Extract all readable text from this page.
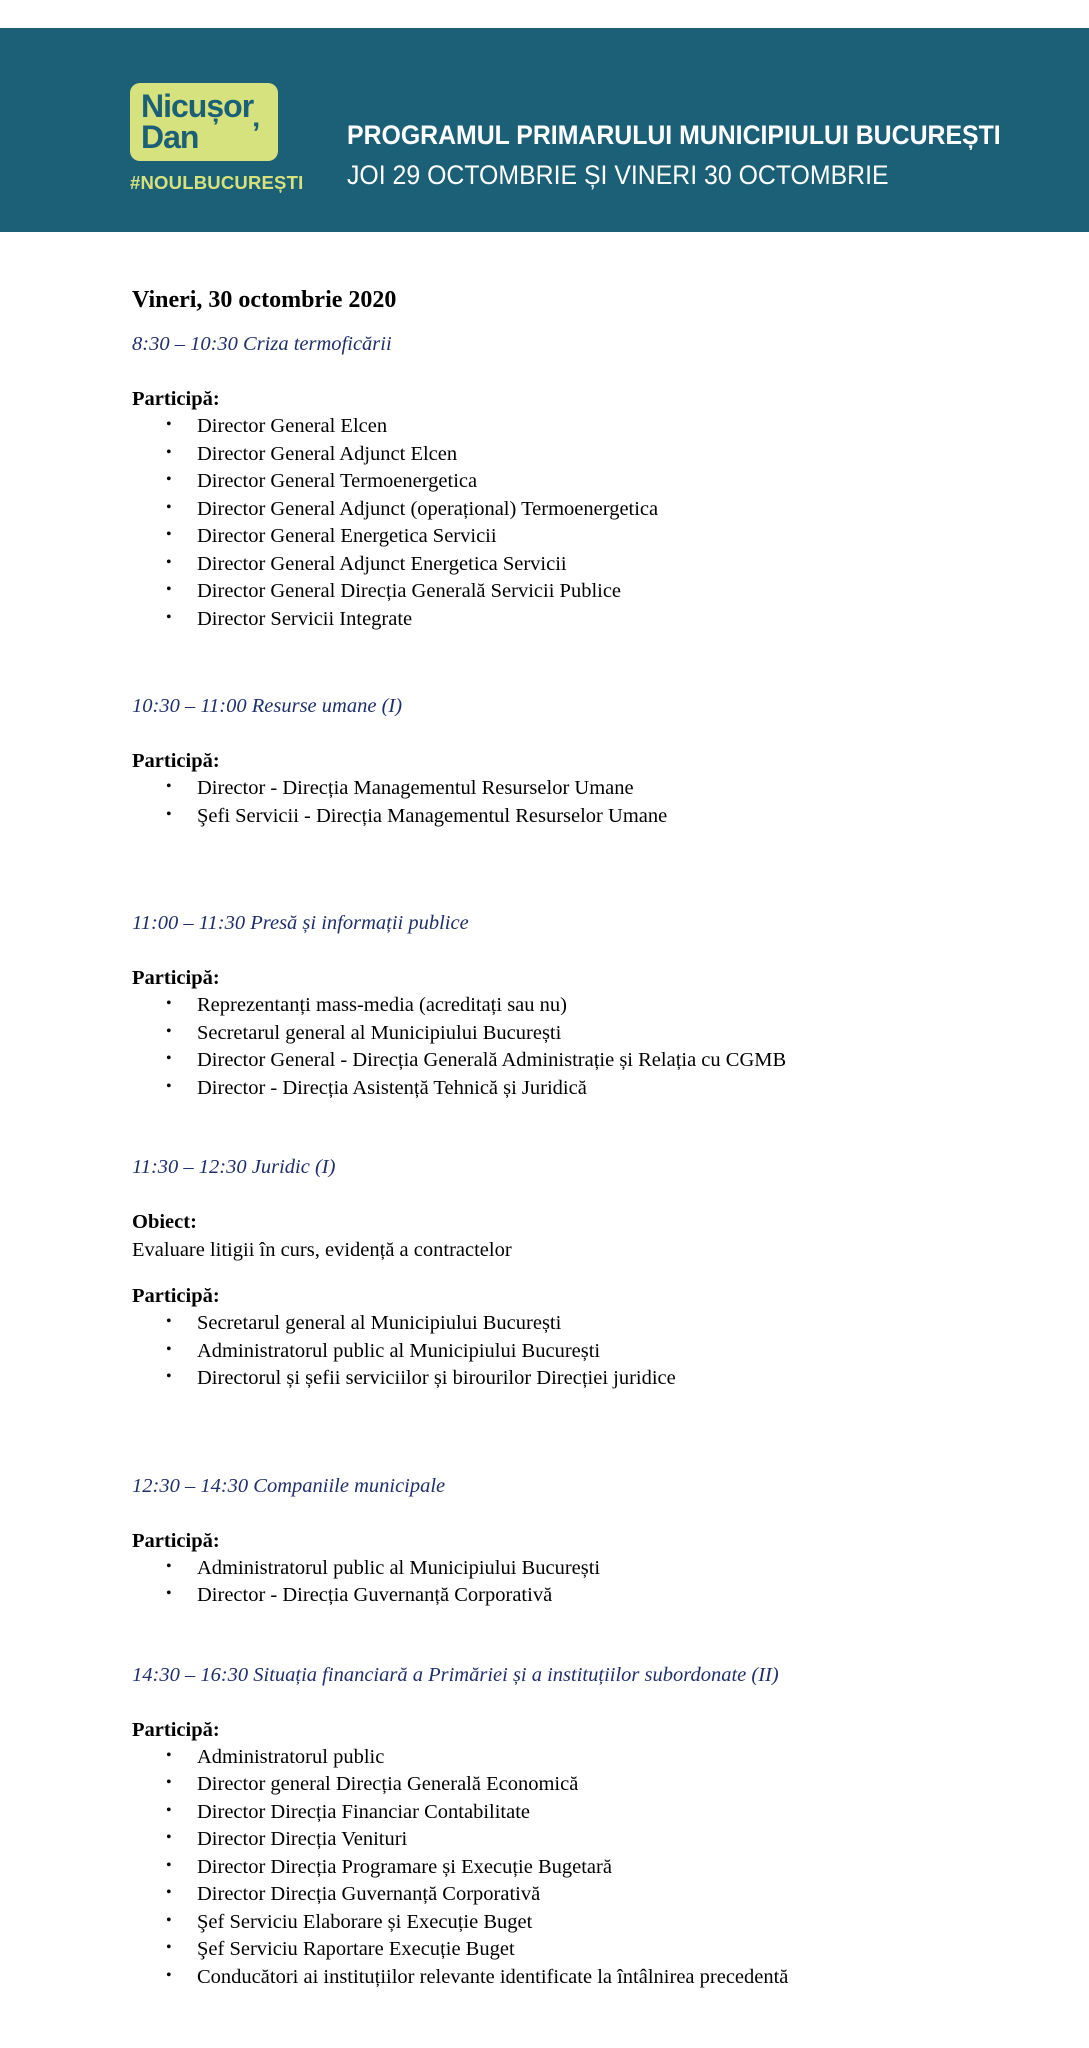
Nicușor
Dan ’
#NOULBUCUREȘTI
PROGRAMUL PRIMARULUI MUNICIPIULUI BUCUREȘTI
JOI 29 OCTOMBRIE ȘI VINERI 30 OCTOMBRIE
Vineri, 30 octombrie 2020

8:30 – 10:30 Criza termoficării

Participă:

• Director General Elcen
• Director General Adjunct Elcen
• Director General Termoenergetica
• Director General Adjunct (operațional) Termoenergetica
• Director General Energetica Servicii
• Director General Adjunct Energetica Servicii
• Director General Direcția Generală Servicii Publice
• Director Servicii Integrate

10:30 – 11:00 Resurse umane (I)

Participă:

• Director - Direcția Managementul Resurselor Umane
• Şefi Servicii - Direcția Managementul Resurselor Umane

11:00 – 11:30 Presă și informații publice

Participă:

• Reprezentanți mass-media (acreditați sau nu)
• Secretarul general al Municipiului București
• Director General - Direcția Generală Administrație și Relația cu CGMB
• Director - Direcția Asistență Tehnică și Juridică

11:30 – 12:30 Juridic (I)

Obiect:

Evaluare litigii în curs, evidență a contractelor

Participă:

• Secretarul general al Municipiului București
• Administratorul public al Municipiului București
• Directorul și șefii serviciilor și birourilor Direcției juridice

12:30 – 14:30 Companiile municipale

Participă:

• Administratorul public al Municipiului București
• Director - Direcția Guvernanță Corporativă

14:30 – 16:30 Situația financiară a Primăriei și a instituțiilor subordonate (II)

Participă:

• Administratorul public
• Director general Direcția Generală Economică
• Director Direcția Financiar Contabilitate
• Director Direcția Venituri
• Director Direcția Programare și Execuție Bugetară
• Director Direcția Guvernanță Corporativă
• Şef Serviciu Elaborare și Execuție Buget
• Şef Serviciu Raportare Execuție Buget
• Conducători ai instituțiilor relevante identificate la întâlnirea precedentă
